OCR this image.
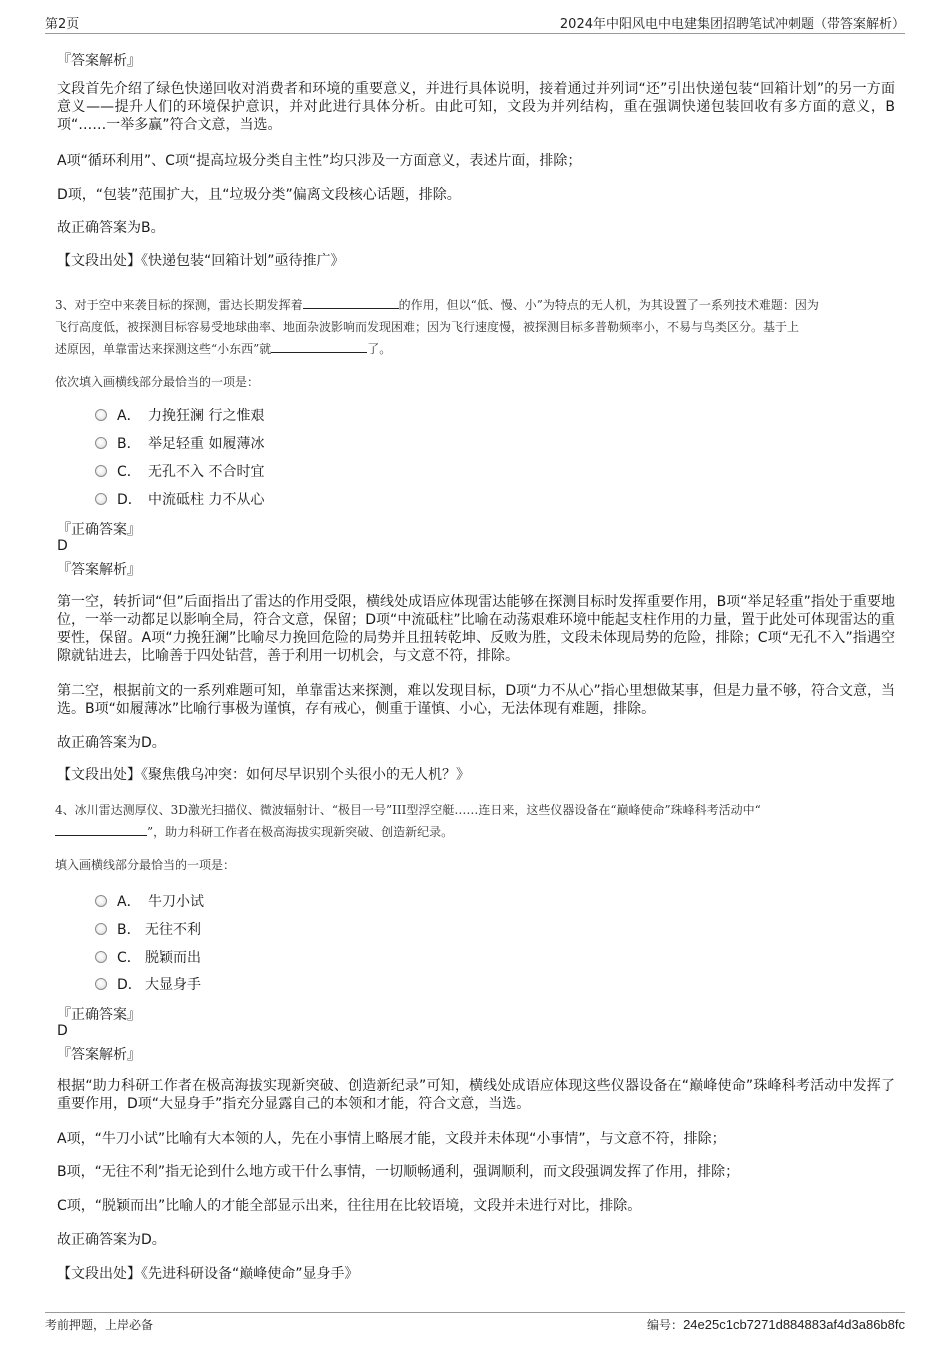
第2页	2024年中阳风电中电建集团招聘笔试冲刺题（带答案解析）
『答案解析』
文段首先介绍了绿色快递回收对消费者和环境的重要意义，并进行具体说明，接着通过并列词“还”引出快递包装“回箱计划”的另一方面意义——提升人们的环境保护意识，并对此进行具体分析。由此可知，文段为并列结构，重在强调快递包装回收有多方面的意义，B项“……一举多赢”符合文意，当选。
A项“循环利用”、C项“提高垃圾分类自主性”均只涉及一方面意义，表述片面，排除；
D项，“包装”范围扩大，且“垃圾分类”偏离文段核心话题，排除。
故正确答案为B。
【文段出处】《快递包装“回箱计划”亟待推广》
3、对于空中来袭目标的探测，雷达长期发挥着	的作用，但以“低、慢、小”为特点的无人机，为其设置了一系列技术难题：因为
飞行高度低，被探测目标容易受地球曲率、地面杂波影响而发现困难；因为飞行速度慢，被探测目标多普勒频率小，不易与鸟类区分。基于上
述原因，单靠雷达来探测这些“小东西”就	了。
依次填入画横线部分最恰当的一项是：
A． 力挽狂澜 行之惟艰
B． 举足轻重 如履薄冰
C． 无孔不入 不合时宜
D． 中流砥柱 力不从心
『正确答案』
D
『答案解析』
第一空，转折词“但”后面指出了雷达的作用受限，横线处成语应体现雷达能够在探测目标时发挥重要作用，B项“举足轻重”指处于重要地位，一举一动都足以影响全局，符合文意，保留；D项“中流砥柱”比喻在动荡艰难环境中能起支柱作用的力量，置于此处可体现雷达的重要性，保留。A项“力挽狂澜”比喻尽力挽回危险的局势并且扭转乾坤、反败为胜，文段未体现局势的危险，排除；C项“无孔不入”指遇空隙就钻进去，比喻善于四处钻营，善于利用一切机会，与文意不符，排除。
第二空，根据前文的一系列难题可知，单靠雷达来探测，难以发现目标，D项“力不从心”指心里想做某事，但是力量不够，符合文意，当选。B项“如履薄冰”比喻行事极为谨慎，存有戒心，侧重于谨慎、小心，无法体现有难题，排除。
故正确答案为D。
【文段出处】《聚焦俄乌冲突：如何尽早识别个头很小的无人机？》
4、冰川雷达测厚仪、3D激光扫描仪、微波辐射计、“极目一号”III型浮空艇……连日来，这些仪器设备在“巅峰使命”珠峰科考活动中“
”，助力科研工作者在极高海拔实现新突破、创造新纪录。
填入画横线部分最恰当的一项是：
A． 牛刀小试
B． 无往不利
C． 脱颖而出
D． 大显身手
『正确答案』
D
『答案解析』
根据“助力科研工作者在极高海拔实现新突破、创造新纪录”可知，横线处成语应体现这些仪器设备在“巅峰使命”珠峰科考活动中发挥了重要作用，D项“大显身手”指充分显露自己的本领和才能，符合文意，当选。
A项，“牛刀小试”比喻有大本领的人，先在小事情上略展才能，文段并未体现“小事情”，与文意不符，排除；
B项，“无往不利”指无论到什么地方或干什么事情，一切顺畅通利，强调顺利，而文段强调发挥了作用，排除；
C项，“脱颖而出”比喻人的才能全部显示出来，往往用在比较语境，文段并未进行对比，排除。
故正确答案为D。
【文段出处】《先进科研设备“巅峰使命”显身手》
考前押题，上岸必备	编号：24e25c1cb7271d884883af4d3a86b8fc
